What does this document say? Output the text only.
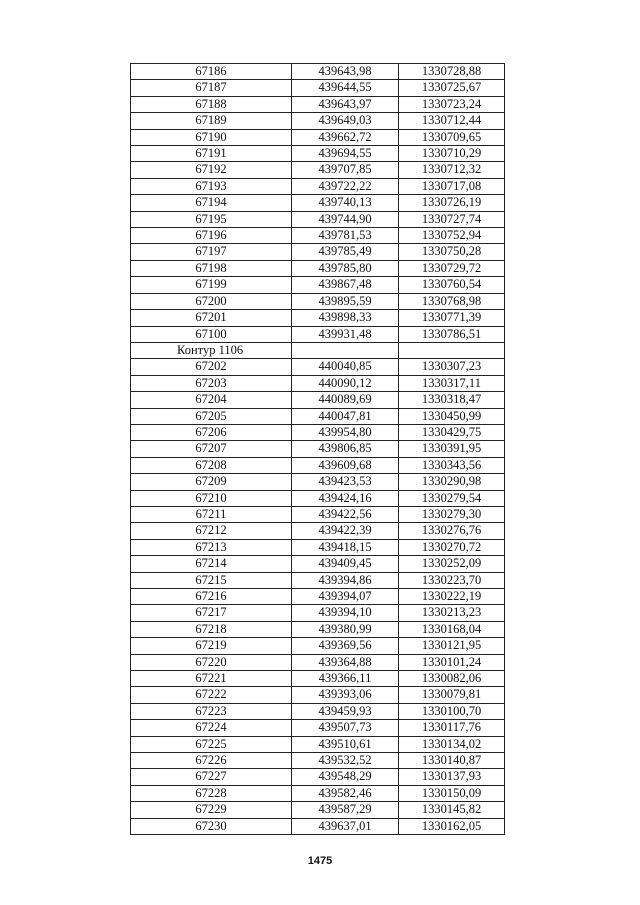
67186	439643,98	1330728,88
67187	439644,55	1330725,67
67188	439643,97	1330723,24
67189	439649,03	1330712,44
67190	439662,72	1330709,65
67191	439694,55	1330710,29
67192	439707,85	1330712,32
67193	439722,22	1330717,08
67194	439740,13	1330726,19
67195	439744,90	1330727,74
67196	439781,53	1330752,94
67197	439785,49	1330750,28
67198	439785,80	1330729,72
67199	439867,48	1330760,54
67200	439895,59	1330768,98
67201	439898,33	1330771,39
67100	439931,48	1330786,51
Контур 1106		
67202	440040,85	1330307,23
67203	440090,12	1330317,11
67204	440089,69	1330318,47
67205	440047,81	1330450,99
67206	439954,80	1330429,75
67207	439806,85	1330391,95
67208	439609,68	1330343,56
67209	439423,53	1330290,98
67210	439424,16	1330279,54
67211	439422,56	1330279,30
67212	439422,39	1330276,76
67213	439418,15	1330270,72
67214	439409,45	1330252,09
67215	439394,86	1330223,70
67216	439394,07	1330222,19
67217	439394,10	1330213,23
67218	439380,99	1330168,04
67219	439369,56	1330121,95
67220	439364,88	1330101,24
67221	439366,11	1330082,06
67222	439393,06	1330079,81
67223	439459,93	1330100,70
67224	439507,73	1330117,76
67225	439510,61	1330134,02
67226	439532,52	1330140,87
67227	439548,29	1330137,93
67228	439582,46	1330150,09
67229	439587,29	1330145,82
67230	439637,01	1330162,05
1475
